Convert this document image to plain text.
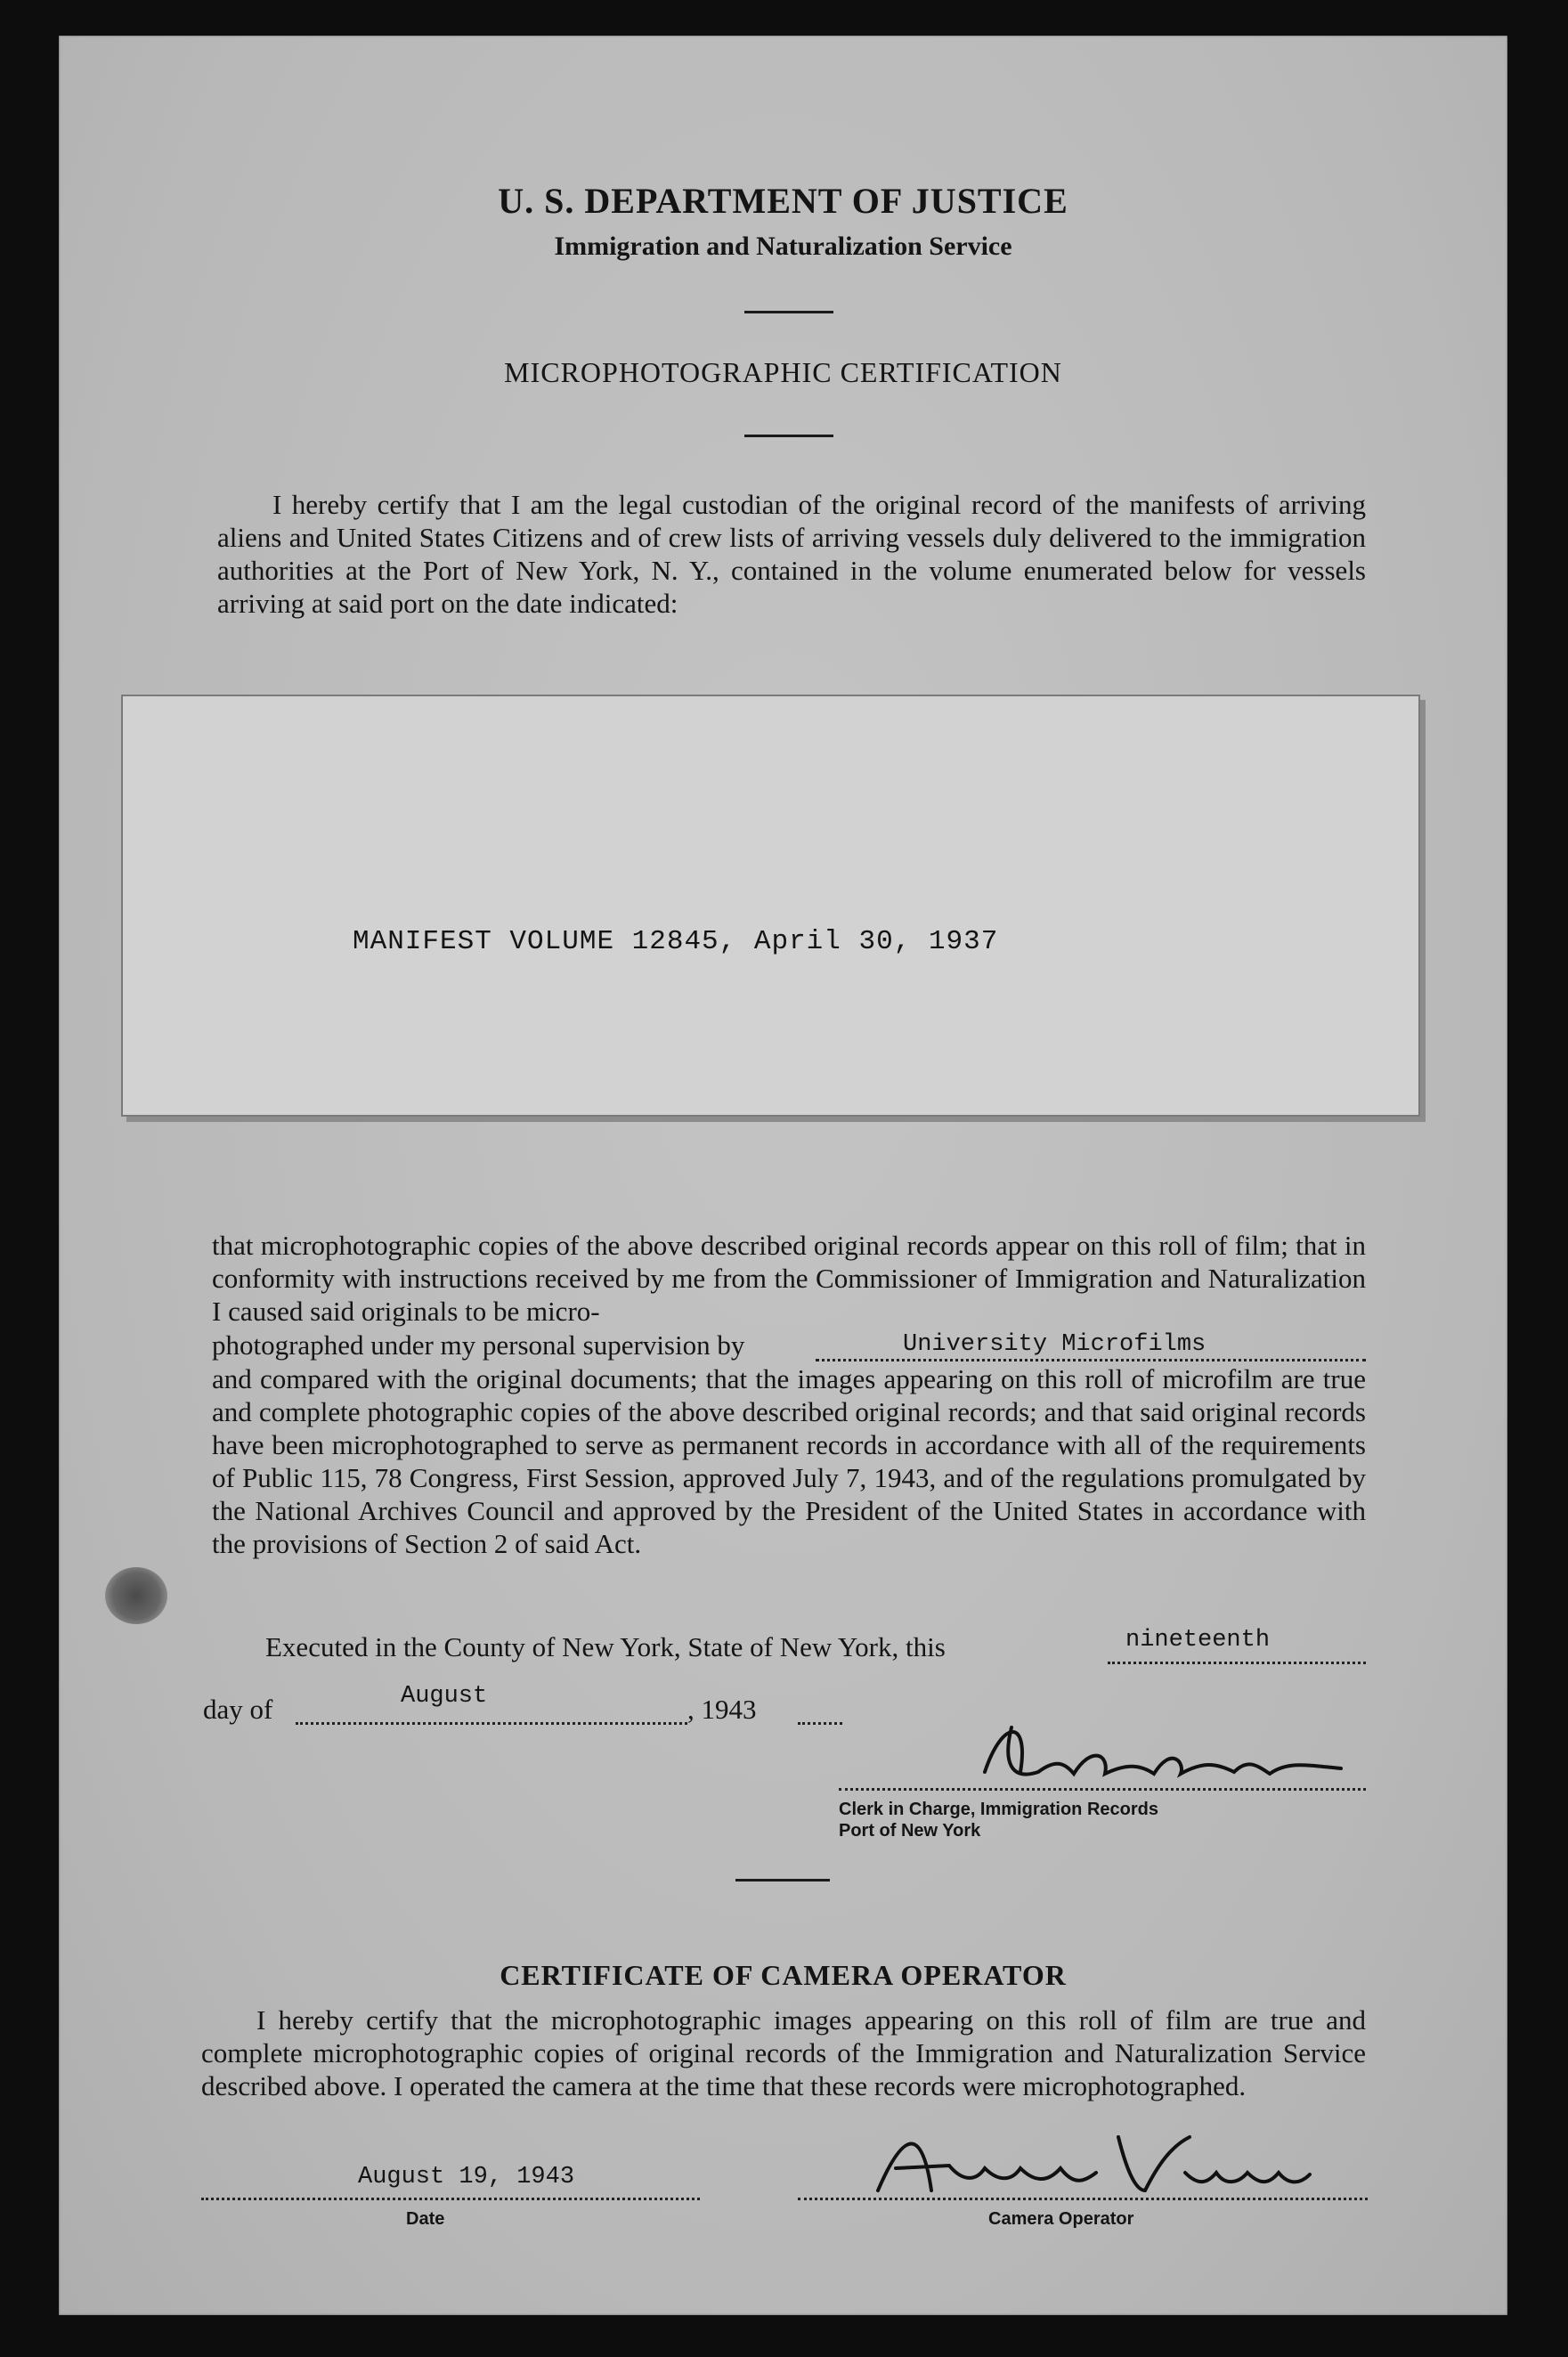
U. S. DEPARTMENT OF JUSTICE
Immigration and Naturalization Service
MICROPHOTOGRAPHIC CERTIFICATION

I hereby certify that I am the legal custodian of the original record of the manifests of arriving aliens and United States Citizens and of crew lists of arriving vessels duly delivered to the immigration authorities at the Port of New York, N. Y., contained in the volume enumerated below for vessels arriving at said port on the date indicated:

MANIFEST VOLUME 12845, April 30, 1937

that microphotographic copies of the above described original records appear on this roll of film; that in conformity with instructions received by me from the Commissioner of Immigration and Naturalization I caused said originals to be micro-

photographed under my personal supervision by	University Microfilms

and compared with the original documents; that the images appearing on this roll of microfilm are true and complete photographic copies of the above described original records; and that said original records have been microphotographed to serve as permanent records in accordance with all of the requirements of Public 115, 78 Congress, First Session, approved July 7, 1943, and of the regulations promulgated by the National Archives Council and approved by the President of the United States in accordance with the provisions of Section 2 of said Act.

Executed in the County of New York, State of New York, this	nineteenth
day of	August	, 1943
Clerk in Charge, Immigration Records
Port of New York
CERTIFICATE OF CAMERA OPERATOR

I hereby certify that the microphotographic images appearing on this roll of film are true and complete microphotographic copies of original records of the Immigration and Naturalization Service described above. I operated the camera at the time that these records were microphotographed.

August 19, 1943
Date	Camera Operator
